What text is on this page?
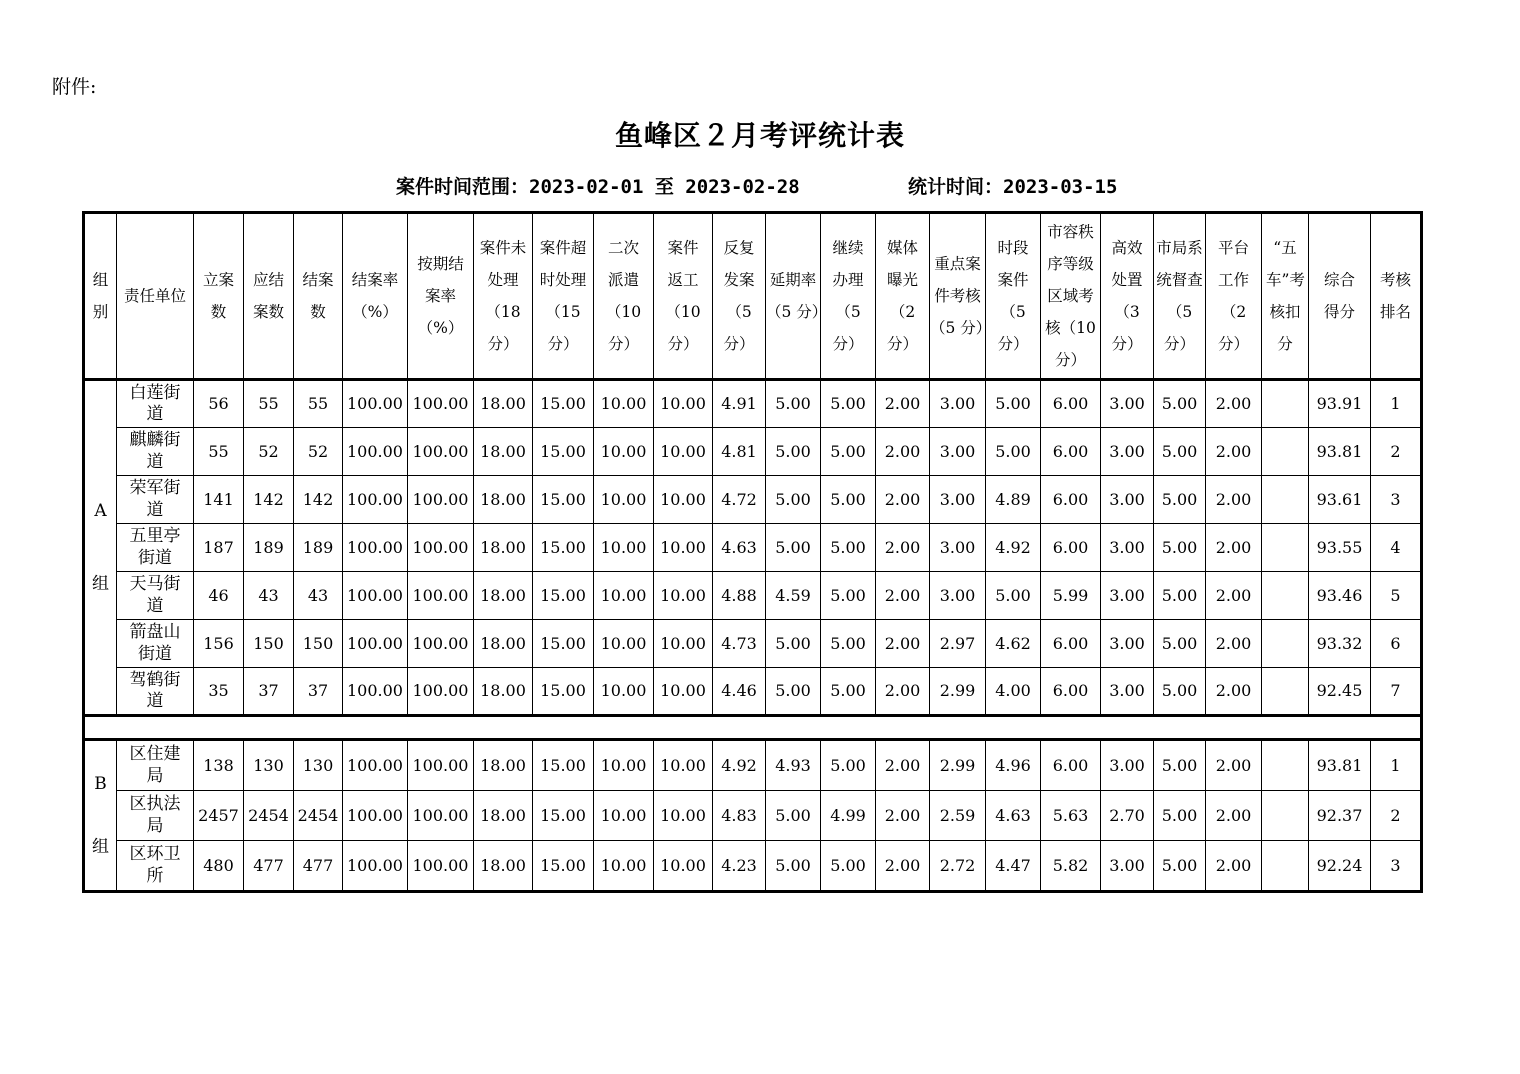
附件:
鱼峰区２月考评统计表
案件时间范围：2023-02-01 至 2023-02-28	统计时间：2023-03-15
组别	责任单位	立案数	应结案数	结案数	结案率（%）	按期结案率（%）	案件未处理（18 分）	案件超时处理（15 分）	二次派遣（10 分）	案件返工（10 分）	反复发案（5 分）	延期率（5 分）	继续办理（5 分）	媒体曝光（2 分）	重点案件考核（5 分）	时段案件（5 分）	市容秩序等级区域考核（10 分）	高效处置（3 分）	市局系统督查（5 分）	平台工作（2 分）	“五车”考核扣分	综合得分	考核排名

A
组	白莲街道	56	55	55	100.00	100.00	18.00	15.00	10.00	10.00	4.91	5.00	5.00	2.00	3.00	5.00	6.00	3.00	5.00	2.00		93.91	1
	麒麟街道	55	52	52	100.00	100.00	18.00	15.00	10.00	10.00	4.81	5.00	5.00	2.00	3.00	5.00	6.00	3.00	5.00	2.00		93.81	2
	荣军街道	141	142	142	100.00	100.00	18.00	15.00	10.00	10.00	4.72	5.00	5.00	2.00	3.00	4.89	6.00	3.00	5.00	2.00		93.61	3
	五里亭街道	187	189	189	100.00	100.00	18.00	15.00	10.00	10.00	4.63	5.00	5.00	2.00	3.00	4.92	6.00	3.00	5.00	2.00		93.55	4
	天马街道	46	43	43	100.00	100.00	18.00	15.00	10.00	10.00	4.88	4.59	5.00	2.00	3.00	5.00	5.99	3.00	5.00	2.00		93.46	5
	箭盘山街道	156	150	150	100.00	100.00	18.00	15.00	10.00	10.00	4.73	5.00	5.00	2.00	2.97	4.62	6.00	3.00	5.00	2.00		93.32	6
	驾鹤街道	35	37	37	100.00	100.00	18.00	15.00	10.00	10.00	4.46	5.00	5.00	2.00	2.99	4.00	6.00	3.00	5.00	2.00		92.45	7

B
组	区住建局	138	130	130	100.00	100.00	18.00	15.00	10.00	10.00	4.92	4.93	5.00	2.00	2.99	4.96	6.00	3.00	5.00	2.00		93.81	1
	区执法局	2457	2454	2454	100.00	100.00	18.00	15.00	10.00	10.00	4.83	5.00	4.99	2.00	2.59	4.63	5.63	2.70	5.00	2.00		92.37	2
	区环卫所	480	477	477	100.00	100.00	18.00	15.00	10.00	10.00	4.23	5.00	5.00	2.00	2.72	4.47	5.82	3.00	5.00	2.00		92.24	3
